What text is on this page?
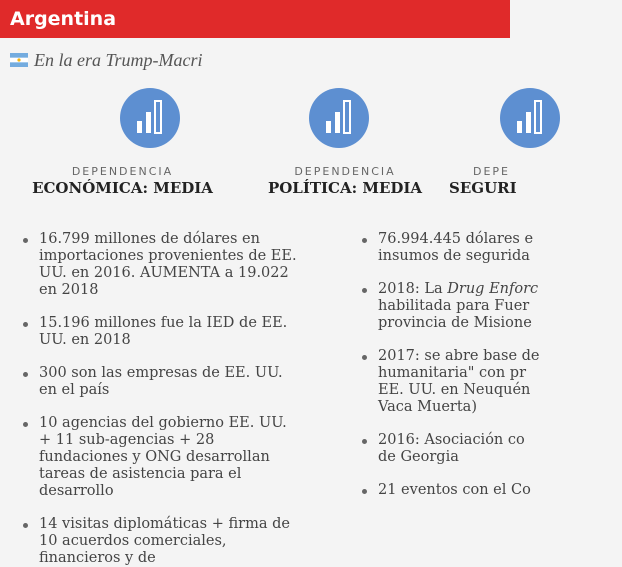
Argentina
En la era Trump-Macri
DEPENDENCIA
ECONÓMICA: MEDIA
DEPENDENCIA
POLÍTICA: MEDIA
DEPE
SEGURI
16.799 millones de dólares en importaciones provenientes de EE. UU. en 2016. AUMENTA a 19.022 en 2018
15.196 millones fue la IED de EE. UU. en 2018
300 son las empresas de EE. UU. en el país
10 agencias del gobierno EE. UU. + 11 sub-agencias + 28 fundaciones y ONG desarrollan tareas de asistencia para el desarrollo
14 visitas diplomáticas + firma de 10 acuerdos comerciales, financieros y de
76.994.445 dólares e
insumos de segurida
2018: La Drug Enforc
habilitada para Fuer
provincia de Misione
2017: se abre base de
humanitaria" con pr
EE. UU. en Neuquén
Vaca Muerta)
2016: Asociación co
de Georgia
21 eventos con el Co
